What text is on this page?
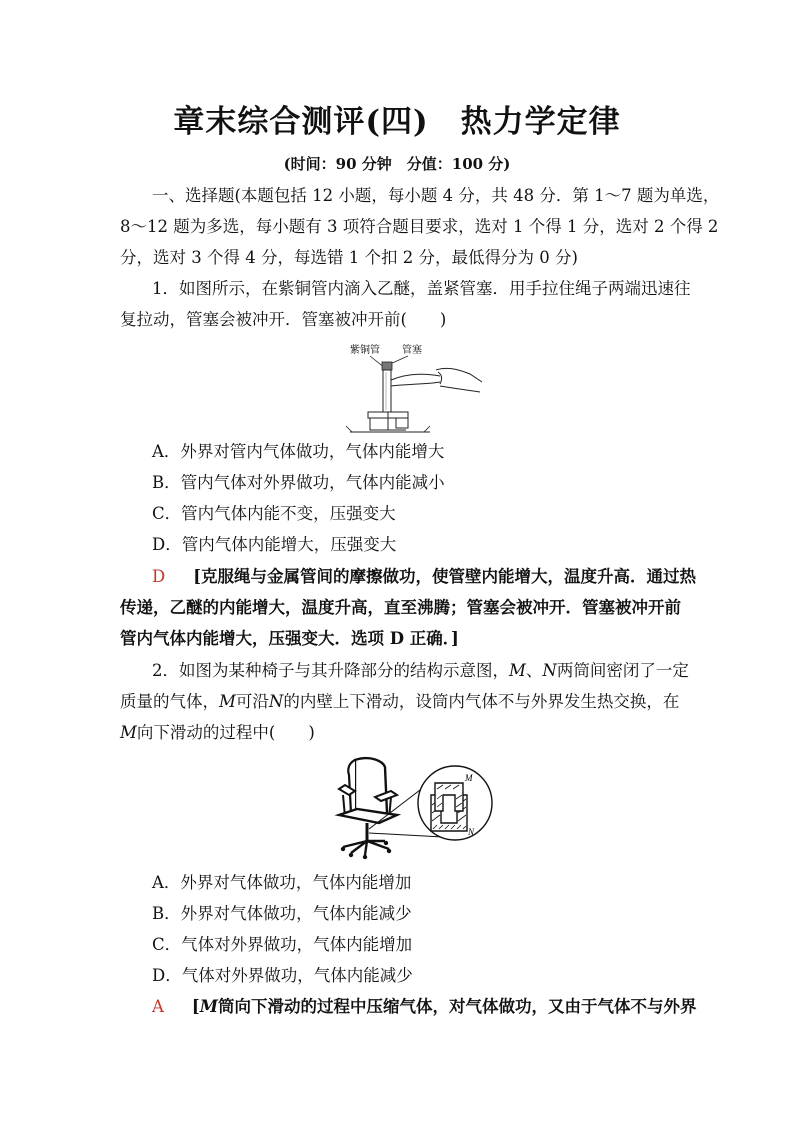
章末综合测评(四)　热力学定律
(时间：90 分钟　分值：100 分)
一、选择题(本题包括 12 小题，每小题 4 分，共 48 分．第 1～7 题为单选，
8～12 题为多选，每小题有 3 项符合题目要求，选对 1 个得 1 分，选对 2 个得 2
分，选对 3 个得 4 分，每选错 1 个扣 2 分，最低得分为 0 分)
1．如图所示，在紫铜管内滴入乙醚，盖紧管塞．用手拉住绳子两端迅速往
复拉动，管塞会被冲开．管塞被冲开前(　　)
紫铜管 管塞
A．外界对管内气体做功，气体内能增大
B．管内气体对外界做功，气体内能减小
C．管内气体内能不变，压强变大
D．管内气体内能增大，压强变大
D 　 [克服绳与金属管间的摩擦做功，使管壁内能增大，温度升高．通过热
传递，乙醚的内能增大，温度升高，直至沸腾；管塞会被冲开．管塞被冲开前
管内气体内能增大，压强变大．选项 D 正确．]
2．如图为某种椅子与其升降部分的结构示意图，M、N两筒间密闭了一定
质量的气体，M可沿N的内壁上下滑动，设筒内气体不与外界发生热交换，在
M向下滑动的过程中(　　)
M
N
A．外界对气体做功，气体内能增加
B．外界对气体做功，气体内能减少
C．气体对外界做功，气体内能增加
D．气体对外界做功，气体内能减少
A 　 [M筒向下滑动的过程中压缩气体，对气体做功，又由于气体不与外界
